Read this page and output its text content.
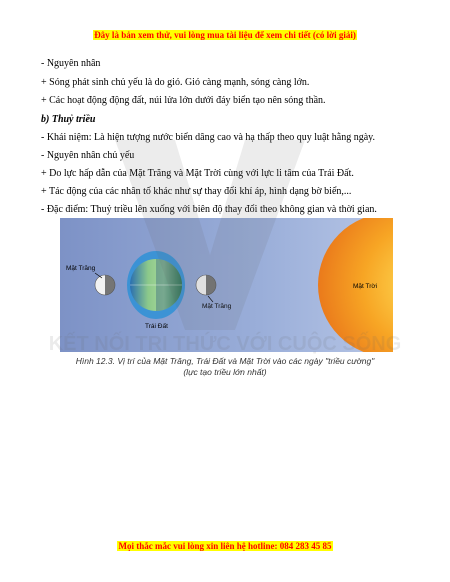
Đây là bản xem thử, vui lòng mua tài liệu để xem chi tiết (có lời giải)
- Nguyên nhân
+ Sóng phát sinh chủ yếu là do gió. Gió càng mạnh, sóng càng lớn.
+ Các hoạt động động đất, núi lửa lớn dưới đáy biển tạo nên sóng thần.
b) Thuỷ triều
- Khái niệm: Là hiện tượng nước biển dâng cao và hạ thấp theo quy luật hằng ngày.
- Nguyên nhân chủ yếu
+ Do lực hấp dẫn của Mặt Trăng và Mặt Trời cùng với lực li tâm của Trái Đất.
+ Tác động của các nhân tố khác như sự thay đổi khí áp, hình dạng bờ biển,...
- Đặc điểm: Thuỷ triều lên xuống với biên độ thay đổi theo không gian và thời gian.
Mặt Trăng
Mặt Trăng
Trái Đất
Mặt Trời
Hình 12.3. Vị trí của Mặt Trăng, Trái Đất và Mặt Trời vào các ngày "triều cường"
(lực tạo triều lớn nhất)
Mọi thắc mắc vui lòng xin liên hệ hotline: 084 283 45 85
